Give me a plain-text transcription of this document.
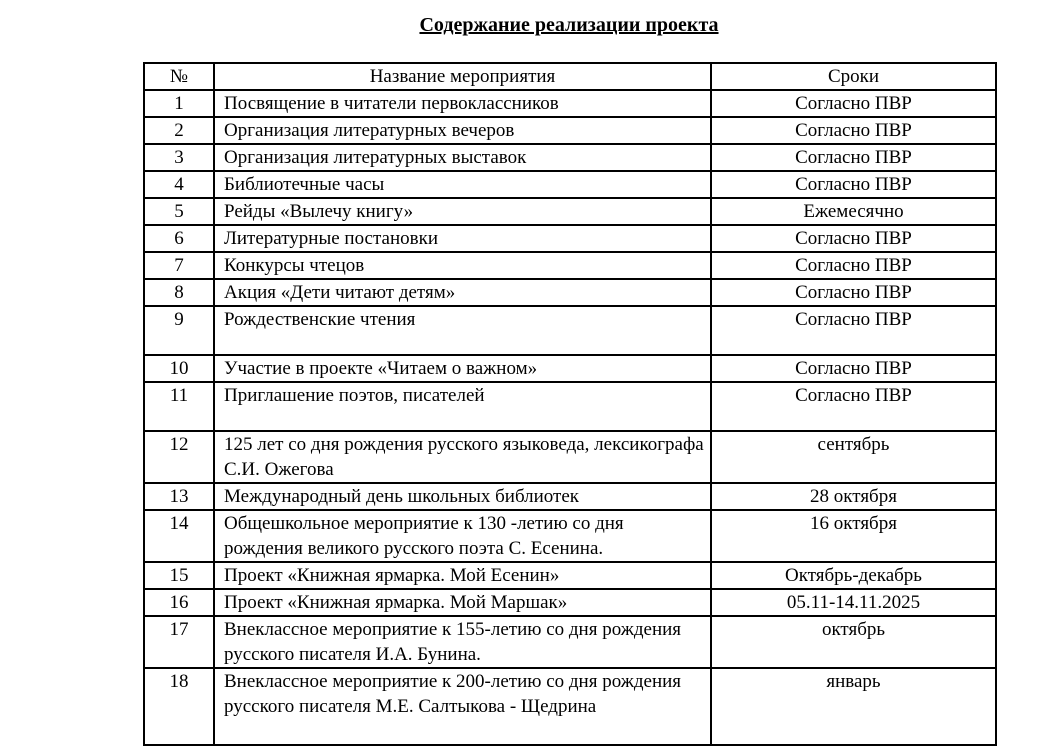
Содержание реализации проекта
№	Название мероприятия	Сроки
1	Посвящение в читатели первоклассников	Согласно ПВР
2	Организация литературных вечеров	Согласно ПВР
3	Организация литературных выставок	Согласно ПВР
4	Библиотечные часы	Согласно ПВР
5	Рейды «Вылечу книгу»	Ежемесячно
6	Литературные постановки	Согласно ПВР
7	Конкурсы чтецов	Согласно ПВР
8	Акция «Дети читают детям»	Согласно ПВР
9	Рождественские чтения	Согласно ПВР
10	Участие в проекте «Читаем о важном»	Согласно ПВР
11	Приглашение поэтов, писателей	Согласно ПВР
12	125 лет со дня рождения русского языковеда, лексикографа С.И. Ожегова	сентябрь
13	Международный день школьных библиотек	28 октября
14	Общешкольное мероприятие к 130 -летию со дня рождения великого русского поэта С. Есенина.	16 октября
15	Проект «Книжная ярмарка. Мой Есенин»	Октябрь-декабрь
16	Проект «Книжная ярмарка. Мой Маршак»	05.11-14.11.2025
17	Внеклассное мероприятие к 155-летию со дня рождения русского писателя И.А. Бунина.	октябрь
18	Внеклассное мероприятие к 200-летию со дня рождения русского писателя М.Е. Салтыкова - Щедрина	январь
